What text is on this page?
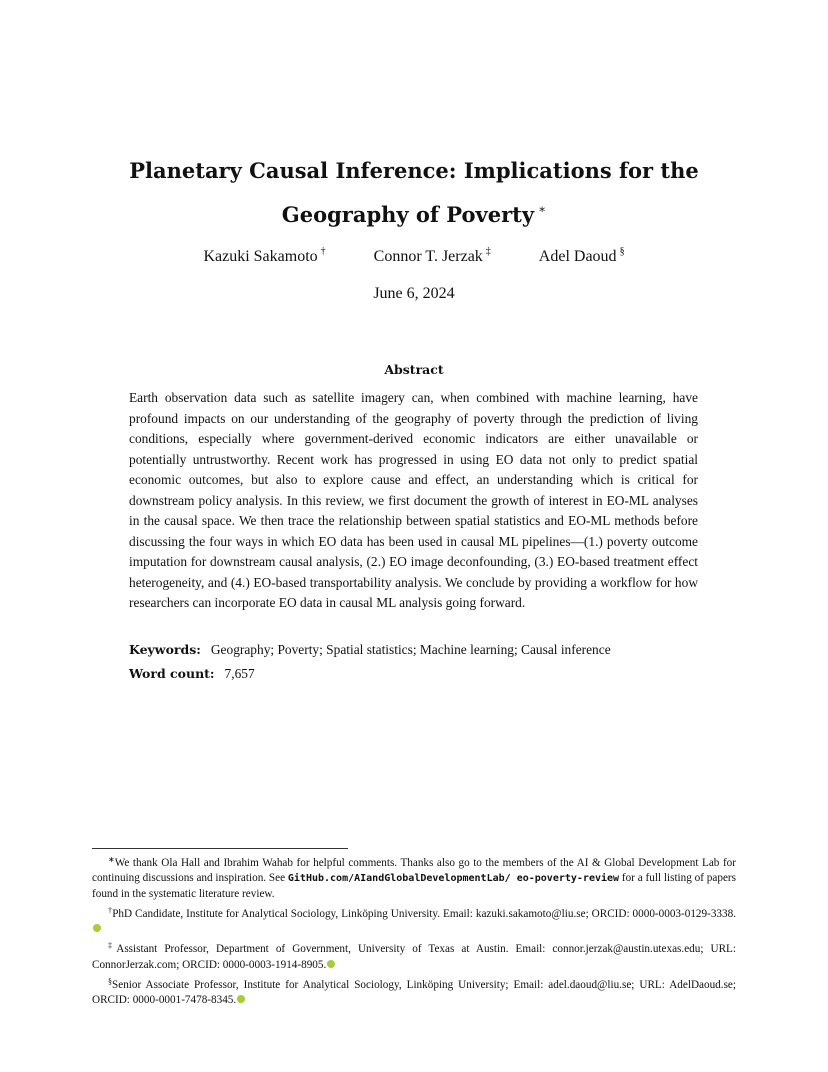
Planetary Causal Inference: Implications for the
Geography of Poverty ∗
Kazuki Sakamoto †	Connor T. Jerzak ‡	Adel Daoud §
June 6, 2024
Abstract
Earth observation data such as satellite imagery can, when combined with machine learning, have profound impacts on our understanding of the geography of poverty through the prediction of living conditions, especially where government-derived economic indicators are either unavailable or potentially untrustworthy. Recent work has progressed in using EO data not only to predict spatial economic outcomes, but also to explore cause and effect, an understanding which is critical for downstream policy analysis. In this review, we first document the growth of interest in EO-ML analyses in the causal space. We then trace the relationship between spatial statistics and EO-ML methods before discussing the four ways in which EO data has been used in causal ML pipelines—(1.) poverty outcome imputation for downstream causal analysis, (2.) EO image deconfounding, (3.) EO-based treatment effect heterogeneity, and (4.) EO-based transportability analysis. We conclude by providing a workflow for how researchers can incorporate EO data in causal ML analysis going forward.
Keywords: Geography; Poverty; Spatial statistics; Machine learning; Causal inference
Word count: 7,657

∗We thank Ola Hall and Ibrahim Wahab for helpful comments. Thanks also go to the members of the AI & Global Development Lab for continuing discussions and inspiration. See GitHub.com/AIandGlobalDevelopmentLab/ eo-poverty-review for a full listing of papers found in the systematic literature review.

†PhD Candidate, Institute for Analytical Sociology, Linköping University. Email: kazuki.sakamoto@liu.se; ORCID: 0000-0003-0129-3338.

‡Assistant Professor, Department of Government, University of Texas at Austin. Email: connor.jerzak@austin.utexas.edu; URL: ConnorJerzak.com; ORCID: 0000-0003-1914-8905.

§Senior Associate Professor, Institute for Analytical Sociology, Linköping University; Email: adel.daoud@liu.se; URL: AdelDaoud.se; ORCID: 0000-0001-7478-8345.
